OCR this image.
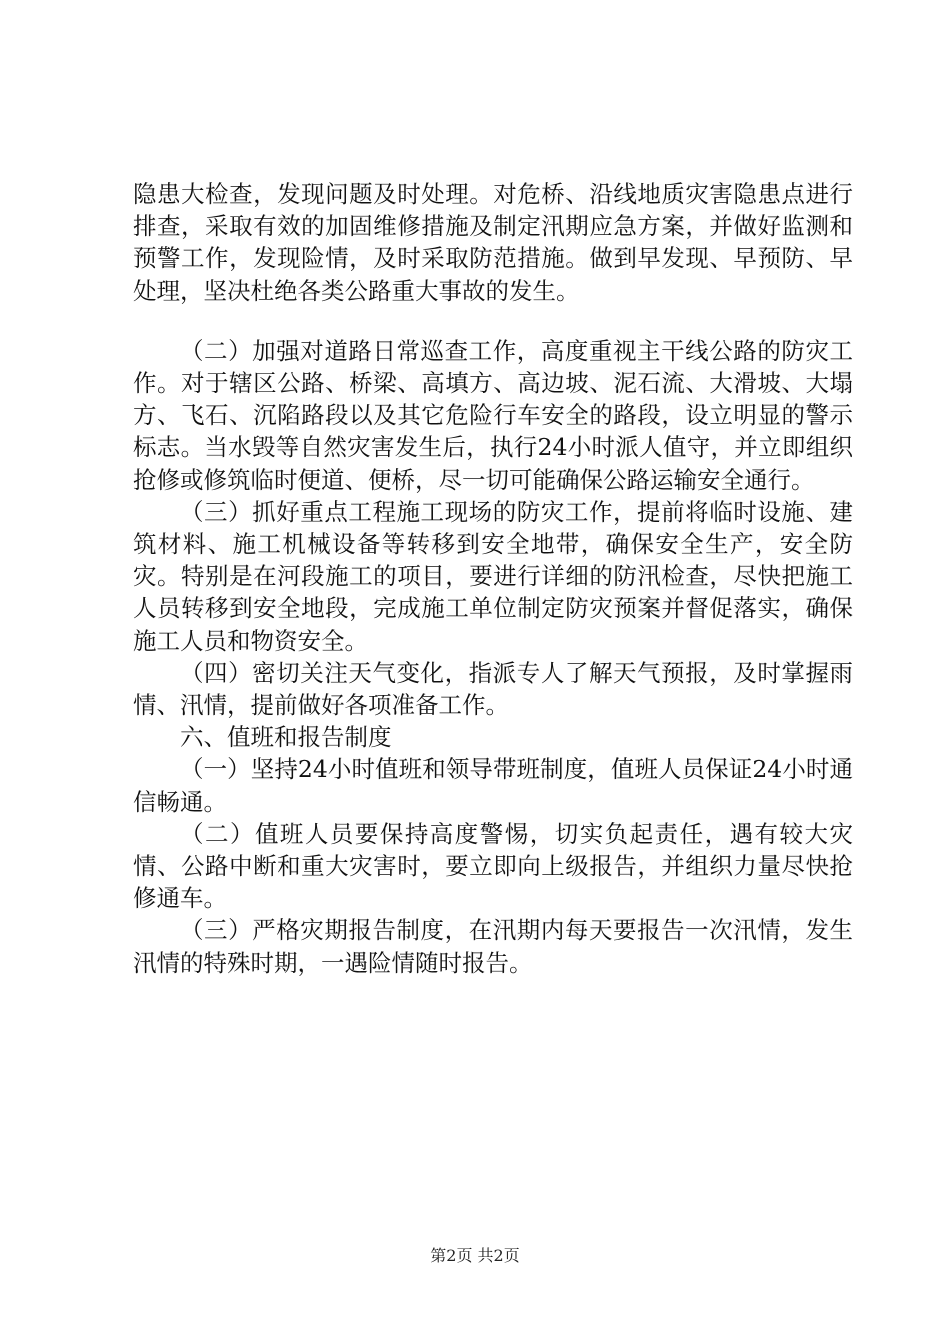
隐患大检查，发现问题及时处理。对危桥、沿线地质灾害隐患点进行排查，采取有效的加固维修措施及制定汛期应急方案，并做好监测和预警工作，发现险情，及时采取防范措施。做到早发现、早预防、早处理，坚决杜绝各类公路重大事故的发生。

（二）加强对道路日常巡查工作，高度重视主干线公路的防灾工作。对于辖区公路、桥梁、高填方、高边坡、泥石流、大滑坡、大塌方、飞石、沉陷路段以及其它危险行车安全的路段，设立明显的警示标志。当水毁等自然灾害发生后，执行24小时派人值守，并立即组织抢修或修筑临时便道、便桥，尽一切可能确保公路运输安全通行。

（三）抓好重点工程施工现场的防灾工作，提前将临时设施、建筑材料、施工机械设备等转移到安全地带，确保安全生产，安全防灾。特别是在河段施工的项目，要进行详细的防汛检查，尽快把施工人员转移到安全地段，完成施工单位制定防灾预案并督促落实，确保施工人员和物资安全。

（四）密切关注天气变化，指派专人了解天气预报，及时掌握雨情、汛情，提前做好各项准备工作。

六、值班和报告制度

（一）坚持24小时值班和领导带班制度，值班人员保证24小时通信畅通。

（二）值班人员要保持高度警惕，切实负起责任，遇有较大灾情、公路中断和重大灾害时，要立即向上级报告，并组织力量尽快抢修通车。

（三）严格灾期报告制度，在汛期内每天要报告一次汛情，发生汛情的特殊时期，一遇险情随时报告。

第2页 共2页
